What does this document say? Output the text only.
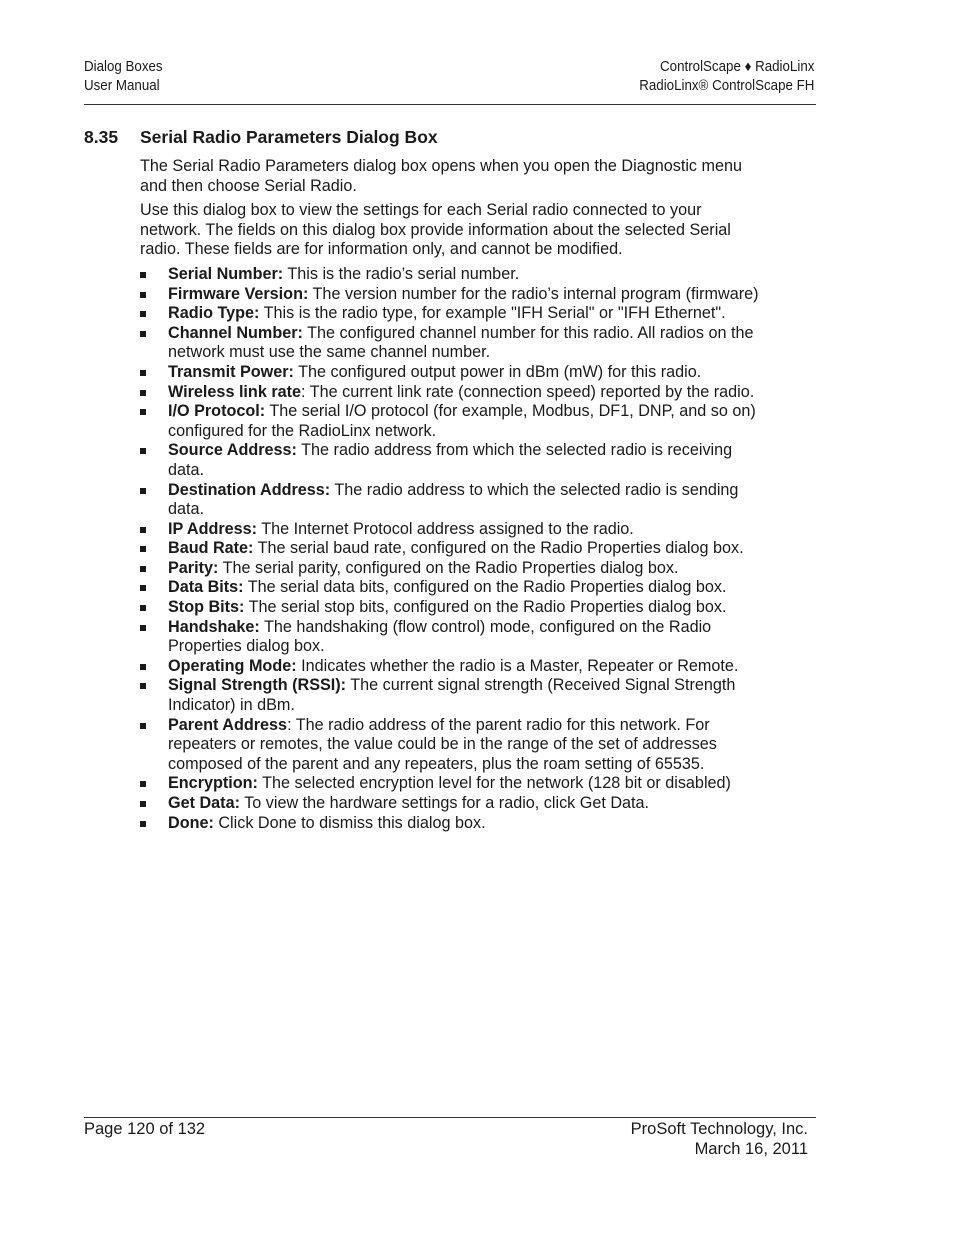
Dialog Boxes
User Manual
ControlScape ♦ RadioLinx
RadioLinx® ControlScape FH
8.35 Serial Radio Parameters Dialog Box

The Serial Radio Parameters dialog box opens when you open the Diagnostic menu and then choose Serial Radio.

Use this dialog box to view the settings for each Serial radio connected to your network. The fields on this dialog box provide information about the selected Serial radio. These fields are for information only, and cannot be modified.

Serial Number: This is the radio’s serial number.
Firmware Version: The version number for the radio’s internal program (firmware)
Radio Type: This is the radio type, for example "IFH Serial" or "IFH Ethernet".
Channel Number: The configured channel number for this radio. All radios on the network must use the same channel number.
Transmit Power: The configured output power in dBm (mW) for this radio.
Wireless link rate: The current link rate (connection speed) reported by the radio.
I/O Protocol: The serial I/O protocol (for example, Modbus, DF1, DNP, and so on) configured for the RadioLinx network.
Source Address: The radio address from which the selected radio is receiving data.
Destination Address: The radio address to which the selected radio is sending data.
IP Address: The Internet Protocol address assigned to the radio.
Baud Rate: The serial baud rate, configured on the Radio Properties dialog box.
Parity: The serial parity, configured on the Radio Properties dialog box.
Data Bits: The serial data bits, configured on the Radio Properties dialog box.
Stop Bits: The serial stop bits, configured on the Radio Properties dialog box.
Handshake: The handshaking (flow control) mode, configured on the Radio Properties dialog box.
Operating Mode: Indicates whether the radio is a Master, Repeater or Remote.
Signal Strength (RSSI): The current signal strength (Received Signal Strength Indicator) in dBm.
Parent Address: The radio address of the parent radio for this network. For repeaters or remotes, the value could be in the range of the set of addresses composed of the parent and any repeaters, plus the roam setting of 65535.
Encryption: The selected encryption level for the network (128 bit or disabled)
Get Data: To view the hardware settings for a radio, click Get Data.
Done: Click Done to dismiss this dialog box.
Page 120 of 132	ProSoft Technology, Inc.
March 16, 2011
